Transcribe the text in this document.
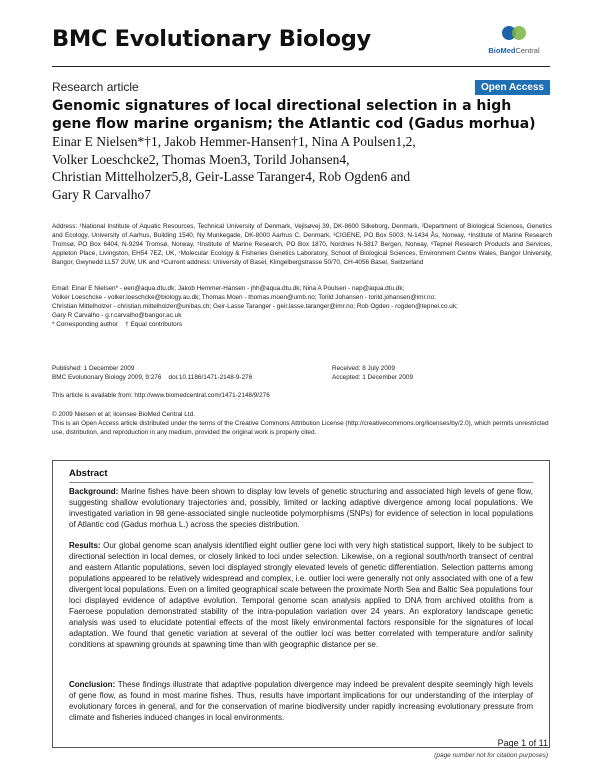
BMC Evolutionary Biology	BioMedCentral
Research article	Open Access
Genomic signatures of local directional selection in a high gene flow marine organism; the Atlantic cod (Gadus morhua)
Einar E Nielsen*†1, Jakob Hemmer-Hansen†1, Nina A Poulsen1,2,
Volker Loeschcke2, Thomas Moen3, Torild Johansen4,
Christian Mittelholzer5,8, Geir-Lasse Taranger4, Rob Ogden6 and
Gary R Carvalho7
Address: ¹National Institute of Aquatic Resources, Technical University of Denmark, Vejlsøvej 39, DK-8600 Silkeborg, Denmark, ²Department of Biological Sciences, Genetics and Ecology, University of Aarhus, Building 1540, Ny Munkegade, DK-8000 Aarhus C, Denmark, ³CIGENE, PO Box 5003, N-1434 Ås, Norway, ⁴Institute of Marine Research Tromsø, PO Box 6404, N-9294 Tromsø, Norway, ⁵Institute of Marine Research, PO Box 1870, Nordnes N-5817 Bergen, Norway, ⁶Tepnel Research Products and Services, Appleton Place, Livingston, EH54 7EZ, UK, ⁷Molecular Ecology & Fisheries Genetics Laboratory, School of Biological Sciences, Environment Centre Wales, Bangor University, Bangor, Gwynedd LL57 2UW, UK and ⁸Current address: University of Basel, Klingelbergstrasse 50/70, CH-4056 Basel, Switzerland
Email: Einar E Nielsen* - een@aqua.dtu.dk; Jakob Hemmer-Hansen - jhh@aqua.dtu.dk; Nina A Poulsen - nap@aqua.dtu.dk;
Volker Loeschcke - volker.loeschcke@biology.au.dk; Thomas Moen - thomas.moen@umb.no; Torild Johansen - torild.johansen@imr.no;
Christian Mittelholzer - christian.mittelholzer@unibas.ch; Geir-Lasse Taranger - geir.lasse.taranger@imr.no; Rob Ogden - rogden@tepnel.co.uk;
Gary R Carvalho - g.r.carvalho@bangor.ac.uk
* Corresponding author    † Equal contributors
Published: 1 December 2009
BMC Evolutionary Biology 2009, 9:276    doi:10.1186/1471-2148-9-276
Received: 8 July 2009
Accepted: 1 December 2009
This article is available from: http://www.biomedcentral.com/1471-2148/9/276
© 2009 Nielsen et al; licensee BioMed Central Ltd.
This is an Open Access article distributed under the terms of the Creative Commons Attribution License (http://creativecommons.org/licenses/by/2.0), which permits unrestricted use, distribution, and reproduction in any medium, provided the original work is properly cited.
Abstract
Background: Marine fishes have been shown to display low levels of genetic structuring and associated high levels of gene flow, suggesting shallow evolutionary trajectories and, possibly, limited or lacking adaptive divergence among local populations. We investigated variation in 98 gene-associated single nucleotide polymorphisms (SNPs) for evidence of selection in local populations of Atlantic cod (Gadus morhua L.) across the species distribution.
Results: Our global genome scan analysis identified eight outlier gene loci with very high statistical support, likely to be subject to directional selection in local demes, or closely linked to loci under selection. Likewise, on a regional south/north transect of central and eastern Atlantic populations, seven loci displayed strongly elevated levels of genetic differentiation. Selection patterns among populations appeared to be relatively widespread and complex, i.e. outlier loci were generally not only associated with one of a few divergent local populations. Even on a limited geographical scale between the proximate North Sea and Baltic Sea populations four loci displayed evidence of adaptive evolution. Temporal genome scan analysis applied to DNA from archived otoliths from a Faeroese population demonstrated stability of the intra-population variation over 24 years. An exploratory landscape genetic analysis was used to elucidate potential effects of the most likely environmental factors responsible for the signatures of local adaptation. We found that genetic variation at several of the outlier loci was better correlated with temperature and/or salinity conditions at spawning grounds at spawning time than with geographic distance per se.
Conclusion: These findings illustrate that adaptive population divergence may indeed be prevalent despite seemingly high levels of gene flow, as found in most marine fishes. Thus, results have important implications for our understanding of the interplay of evolutionary forces in general, and for the conservation of marine biodiversity under rapidly increasing evolutionary pressure from climate and fisheries induced changes in local environments.
Page 1 of 11
(page number not for citation purposes)
